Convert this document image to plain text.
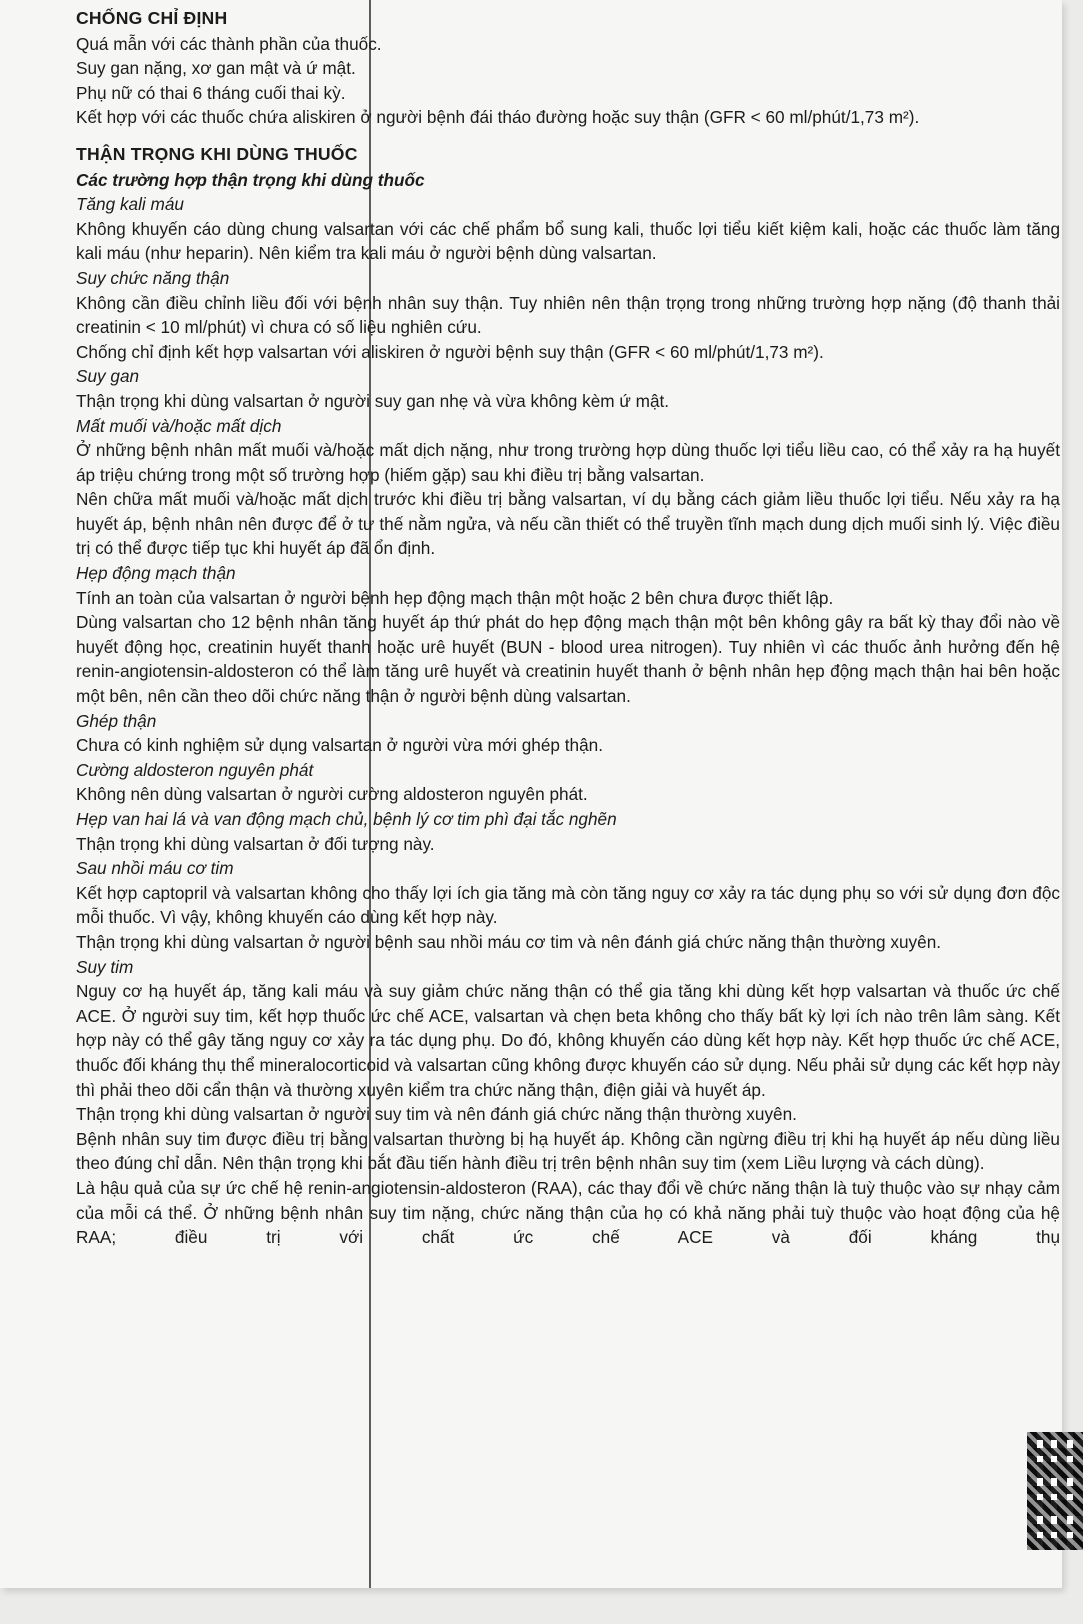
CHỐNG CHỈ ĐỊNH

Quá mẫn với các thành phần của thuốc.

Suy gan nặng, xơ gan mật và ứ mật.

Phụ nữ có thai 6 tháng cuối thai kỳ.

Kết hợp với các thuốc chứa aliskiren ở người bệnh đái tháo đường hoặc suy thận (GFR < 60 ml/phút/1,73 m²).

THẬN TRỌNG KHI DÙNG THUỐC

Các trường hợp thận trọng khi dùng thuốc

Tăng kali máu

Không khuyến cáo dùng chung valsartan với các chế phẩm bổ sung kali, thuốc lợi tiểu kiết kiệm kali, hoặc các thuốc làm tăng kali máu (như heparin). Nên kiểm tra kali máu ở người bệnh dùng valsartan.

Suy chức năng thận

Không cần điều chỉnh liều đối với bệnh nhân suy thận. Tuy nhiên nên thận trọng trong những trường hợp nặng (độ thanh thải creatinin < 10 ml/phút) vì chưa có số liệu nghiên cứu.

Chống chỉ định kết hợp valsartan với aliskiren ở người bệnh suy thận (GFR < 60 ml/phút/1,73 m²).

Suy gan

Thận trọng khi dùng valsartan ở người suy gan nhẹ và vừa không kèm ứ mật.

Mất muối và/hoặc mất dịch

Ở những bệnh nhân mất muối và/hoặc mất dịch nặng, như trong trường hợp dùng thuốc lợi tiểu liều cao, có thể xảy ra hạ huyết áp triệu chứng trong một số trường hợp (hiếm gặp) sau khi điều trị bằng valsartan.

Nên chữa mất muối và/hoặc mất dịch trước khi điều trị bằng valsartan, ví dụ bằng cách giảm liều thuốc lợi tiểu. Nếu xảy ra hạ huyết áp, bệnh nhân nên được để ở tư thế nằm ngửa, và nếu cần thiết có thể truyền tĩnh mạch dung dịch muối sinh lý. Việc điều trị có thể được tiếp tục khi huyết áp đã ổn định.

Hẹp động mạch thận

Tính an toàn của valsartan ở người bệnh hẹp động mạch thận một hoặc 2 bên chưa được thiết lập.

Dùng valsartan cho 12 bệnh nhân tăng huyết áp thứ phát do hẹp động mạch thận một bên không gây ra bất kỳ thay đổi nào về huyết động học, creatinin huyết thanh hoặc urê huyết (BUN - blood urea nitrogen). Tuy nhiên vì các thuốc ảnh hưởng đến hệ renin-angiotensin-aldosteron có thể làm tăng urê huyết và creatinin huyết thanh ở bệnh nhân hẹp động mạch thận hai bên hoặc một bên, nên cần theo dõi chức năng thận ở người bệnh dùng valsartan.

Ghép thận

Chưa có kinh nghiệm sử dụng valsartan ở người vừa mới ghép thận.

Cường aldosteron nguyên phát

Không nên dùng valsartan ở người cường aldosteron nguyên phát.

Hẹp van hai lá và van động mạch chủ, bệnh lý cơ tim phì đại tắc nghẽn

Thận trọng khi dùng valsartan ở đối tượng này.

Sau nhồi máu cơ tim

Kết hợp captopril và valsartan không cho thấy lợi ích gia tăng mà còn tăng nguy cơ xảy ra tác dụng phụ so với sử dụng đơn độc mỗi thuốc. Vì vậy, không khuyến cáo dùng kết hợp này.

Thận trọng khi dùng valsartan ở người bệnh sau nhồi máu cơ tim và nên đánh giá chức năng thận thường xuyên.

Suy tim

Nguy cơ hạ huyết áp, tăng kali máu và suy giảm chức năng thận có thể gia tăng khi dùng kết hợp valsartan và thuốc ức chế ACE. Ở người suy tim, kết hợp thuốc ức chế ACE, valsartan và chẹn beta không cho thấy bất kỳ lợi ích nào trên lâm sàng. Kết hợp này có thể gây tăng nguy cơ xảy ra tác dụng phụ. Do đó, không khuyến cáo dùng kết hợp này. Kết hợp thuốc ức chế ACE, thuốc đối kháng thụ thể mineralocorticoid và valsartan cũng không được khuyến cáo sử dụng. Nếu phải sử dụng các kết hợp này thì phải theo dõi cẩn thận và thường xuyên kiểm tra chức năng thận, điện giải và huyết áp.

Thận trọng khi dùng valsartan ở người suy tim và nên đánh giá chức năng thận thường xuyên.

Bệnh nhân suy tim được điều trị bằng valsartan thường bị hạ huyết áp. Không cần ngừng điều trị khi hạ huyết áp nếu dùng liều theo đúng chỉ dẫn. Nên thận trọng khi bắt đầu tiến hành điều trị trên bệnh nhân suy tim (xem Liều lượng và cách dùng).

Là hậu quả của sự ức chế hệ renin-angiotensin-aldosteron (RAA), các thay đổi về chức năng thận là tuỳ thuộc vào sự nhạy cảm của mỗi cá thể. Ở những bệnh nhân suy tim nặng, chức năng thận của họ có khả năng phải tuỳ thuộc vào hoạt động của hệ RAA; điều trị với chất ức chế ACE và đối kháng thụ
